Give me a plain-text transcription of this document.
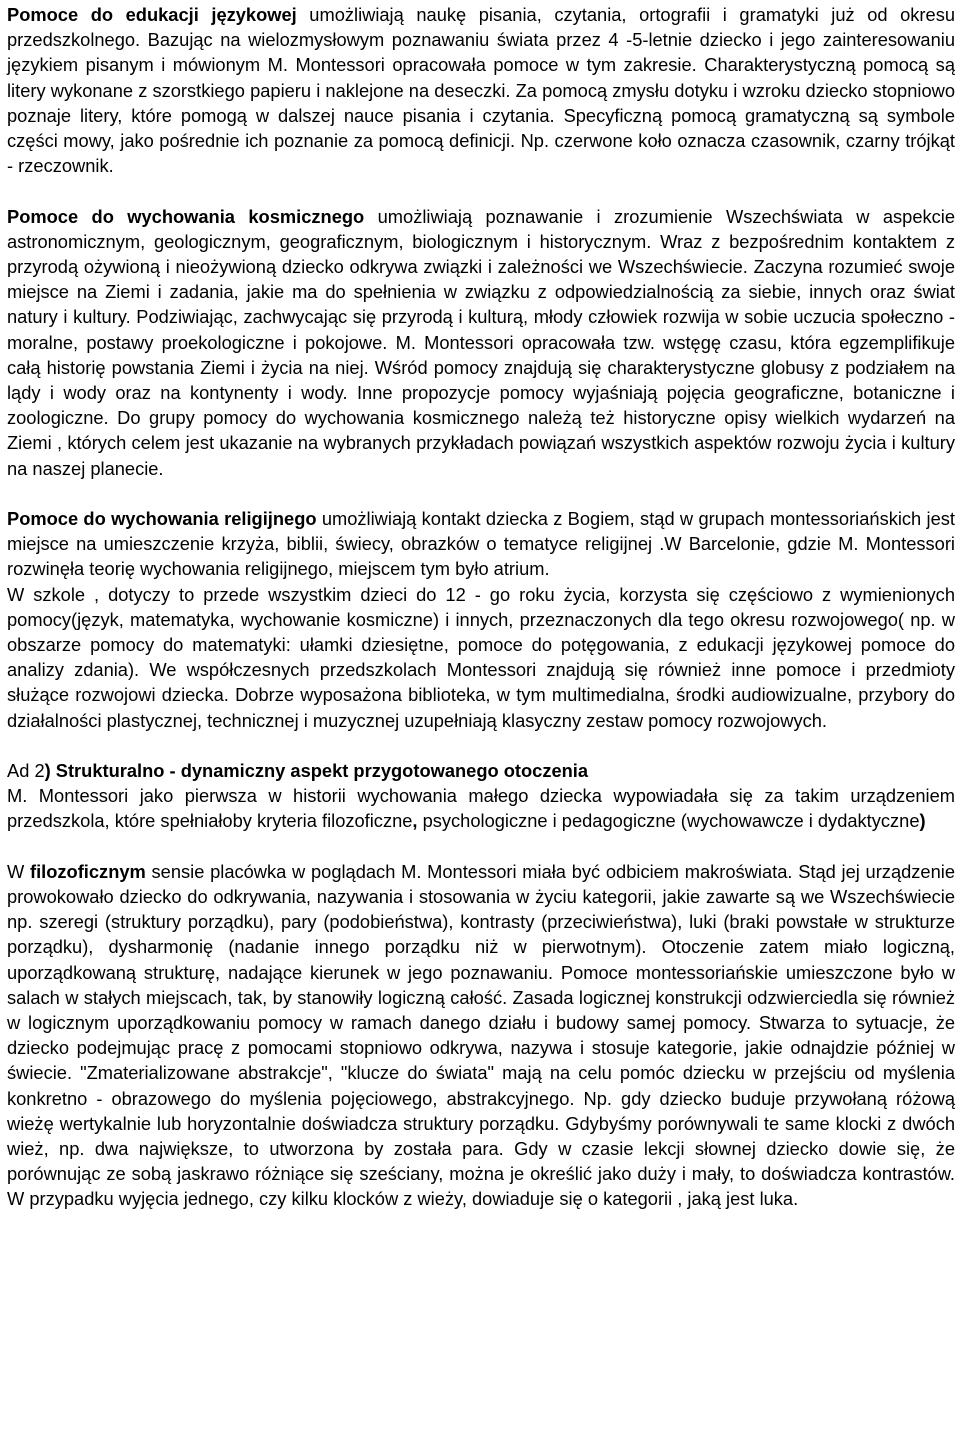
Pomoce do edukacji językowej umożliwiają naukę pisania, czytania, ortografii i gramatyki już od okresu przedszkolnego. Bazując na wielozmysłowym poznawaniu świata przez 4 -5-letnie dziecko i jego zainteresowaniu językiem pisanym i mówionym M. Montessori opracowała pomoce w tym zakresie. Charakterystyczną pomocą są litery wykonane z szorstkiego papieru i naklejone na deseczki. Za pomocą zmysłu dotyku i wzroku dziecko stopniowo poznaje litery, które pomogą w dalszej nauce pisania i czytania. Specyficzną pomocą gramatyczną są symbole części mowy, jako pośrednie ich poznanie za pomocą definicji. Np. czerwone koło oznacza czasownik, czarny trójkąt - rzeczownik.

Pomoce do wychowania kosmicznego umożliwiają poznawanie i zrozumienie Wszechświata w aspekcie astronomicznym, geologicznym, geograficznym, biologicznym i historycznym. Wraz z bezpośrednim kontaktem z przyrodą ożywioną i nieożywioną dziecko odkrywa związki i zależności we Wszechświecie. Zaczyna rozumieć swoje miejsce na Ziemi i zadania, jakie ma do spełnienia w związku z odpowiedzialnością za siebie, innych oraz świat natury i kultury. Podziwiając, zachwycając się przyrodą i kulturą, młody człowiek rozwija w sobie uczucia społeczno - moralne, postawy proekologiczne i pokojowe. M. Montessori opracowała tzw. wstęgę czasu, która egzemplifikuje całą historię powstania Ziemi i życia na niej. Wśród pomocy znajdują się charakterystyczne globusy z podziałem na lądy i wody oraz na kontynenty i wody. Inne propozycje pomocy wyjaśniają pojęcia geograficzne, botaniczne i zoologiczne. Do grupy pomocy do wychowania kosmicznego należą też historyczne opisy wielkich wydarzeń na Ziemi , których celem jest ukazanie na wybranych przykładach powiązań wszystkich aspektów rozwoju życia i kultury na naszej planecie.

Pomoce do wychowania religijnego umożliwiają kontakt dziecka z Bogiem, stąd w grupach montessoriańskich jest miejsce na umieszczenie krzyża, biblii, świecy, obrazków o tematyce religijnej .W Barcelonie, gdzie M. Montessori rozwinęła teorię wychowania religijnego, miejscem tym było atrium.

W szkole , dotyczy to przede wszystkim dzieci do 12 - go roku życia, korzysta się częściowo z wymienionych pomocy(język, matematyka, wychowanie kosmiczne) i innych, przeznaczonych dla tego okresu rozwojowego( np. w obszarze pomocy do matematyki: ułamki dziesiętne, pomoce do potęgowania, z edukacji językowej pomoce do analizy zdania). We współczesnych przedszkolach Montessori znajdują się również inne pomoce i przedmioty służące rozwojowi dziecka. Dobrze wyposażona biblioteka, w tym multimedialna, środki audiowizualne, przybory do działalności plastycznej, technicznej i muzycznej uzupełniają klasyczny zestaw pomocy rozwojowych.

Ad 2) Strukturalno - dynamiczny aspekt przygotowanego otoczenia

M. Montessori jako pierwsza w historii wychowania małego dziecka wypowiadała się za takim urządzeniem przedszkola, które spełniałoby kryteria filozoficzne, psychologiczne i pedagogiczne (wychowawcze i dydaktyczne)

W filozoficznym sensie placówka w poglądach M. Montessori miała być odbiciem makroświata. Stąd jej urządzenie prowokowało dziecko do odkrywania, nazywania i stosowania w życiu kategorii, jakie zawarte są we Wszechświecie np. szeregi (struktury porządku), pary (podobieństwa), kontrasty (przeciwieństwa), luki (braki powstałe w strukturze porządku), dysharmonię (nadanie innego porządku niż w pierwotnym). Otoczenie zatem miało logiczną, uporządkowaną strukturę, nadające kierunek w jego poznawaniu. Pomoce montessoriańskie umieszczone było w salach w stałych miejscach, tak, by stanowiły logiczną całość. Zasada logicznej konstrukcji odzwierciedla się również w logicznym uporządkowaniu pomocy w ramach danego działu i budowy samej pomocy. Stwarza to sytuacje, że dziecko podejmując pracę z pomocami stopniowo odkrywa, nazywa i stosuje kategorie, jakie odnajdzie później w świecie. "Zmaterializowane abstrakcje", "klucze do świata" mają na celu pomóc dziecku w przejściu od myślenia konkretno - obrazowego do myślenia pojęciowego, abstrakcyjnego. Np. gdy dziecko buduje przywołaną różową wieżę wertykalnie lub horyzontalnie doświadcza struktury porządku. Gdybyśmy porównywali te same klocki z dwóch wież, np. dwa największe, to utworzona by została para. Gdy w czasie lekcji słownej dziecko dowie się, że porównując ze sobą jaskrawo różniące się sześciany, można je określić jako duży i mały, to doświadcza kontrastów. W przypadku wyjęcia jednego, czy kilku klocków z wieży, dowiaduje się o kategorii , jaką jest luka.
